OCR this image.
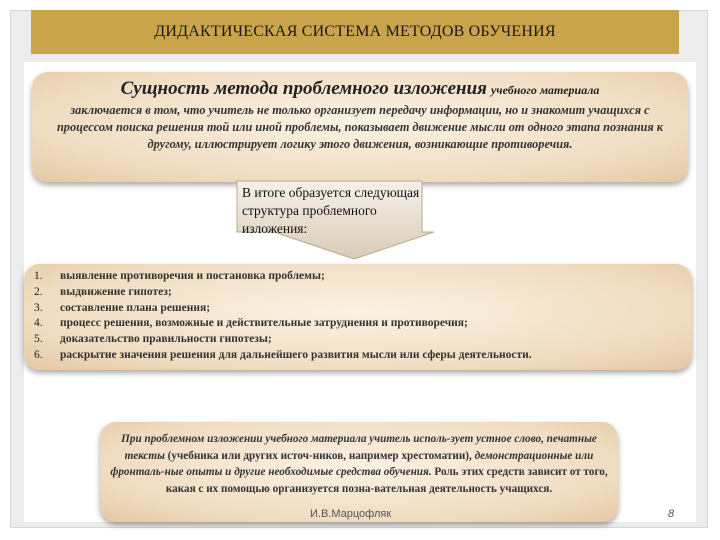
ДИДАКТИЧЕСКАЯ СИСТЕМА МЕТОДОВ ОБУЧЕНИЯ
Сущность метода проблемного изложения учебного материала
заключается в том, что учитель не только организует передачу информации, но и знакомит учащихся с процессом поиска решения той или иной проблемы, показывает движение мысли от одного этапа познания к другому, иллюстрирует логику этого движения, возникающие противоречия.
В итоге образуется следующая структура проблемного изложения:
1.	выявление противоречия и постановка проблемы;
2.	выдвижение гипотез;
3.	составление плана решения;
4.	процесс решения, возможные и действительные затруднения и противоречия;
5.	доказательство правильности гипотезы;
6.	раскрытие значения решения для дальнейшего развития мысли или сферы деятельности.

При проблемном изложении учебного материала учитель исполь-зует устное слово, печатные тексты (учебника или других источ-ников, например хрестоматии), демонстрационные или фронталь-ные опыты и другие необходимые средства обучения. Роль этих средств зависит от того, какая с их помощью организуется позна-вательная деятельность учащихся.

И.В.Марцофляк	8
